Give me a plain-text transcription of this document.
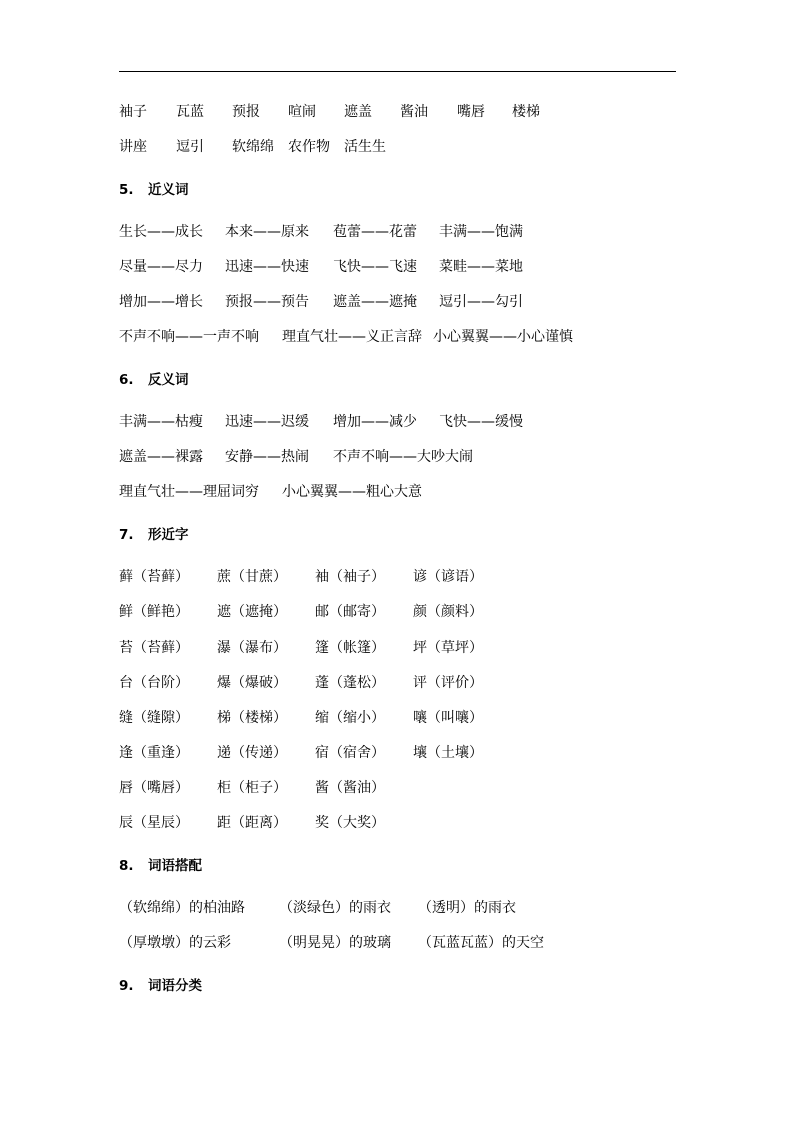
袖子 瓦蓝 预报 喧闹 遮盖 酱油 嘴唇 楼梯
讲座 逗引 软绵绵 农作物 活生生
5. 近义词
生长——成长 本来——原来 苞蕾——花蕾 丰满——饱满
尽量——尽力 迅速——快速 飞快——飞速 菜畦——菜地
增加——增长 预报——预告 遮盖——遮掩 逗引——勾引
不声不响——一声不响 理直气壮——义正言辞 小心翼翼——小心谨慎
6. 反义词
丰满——枯瘦 迅速——迟缓 增加——减少 飞快——缓慢
遮盖——裸露 安静——热闹 不声不响——大吵大闹
理直气壮——理屈词穷 小心翼翼——粗心大意
7. 形近字
藓（苔藓） 蔗（甘蔗） 袖（袖子） 谚（谚语）
鲜（鲜艳） 遮（遮掩） 邮（邮寄） 颜（颜料）
苔（苔藓） 瀑（瀑布） 篷（帐篷） 坪（草坪）
台（台阶） 爆（爆破） 蓬（蓬松） 评（评价）
缝（缝隙） 梯（楼梯） 缩（缩小） 嚷（叫嚷）
逢（重逢） 递（传递） 宿（宿舍） 壤（土壤）
唇（嘴唇） 柜（柜子） 酱（酱油）
辰（星辰） 距（距离） 奖（大奖）
8. 词语搭配
（软绵绵）的柏油路 （淡绿色）的雨衣 （透明）的雨衣
（厚墩墩）的云彩	（明晃晃）的玻璃 （瓦蓝瓦蓝）的天空
9. 词语分类
